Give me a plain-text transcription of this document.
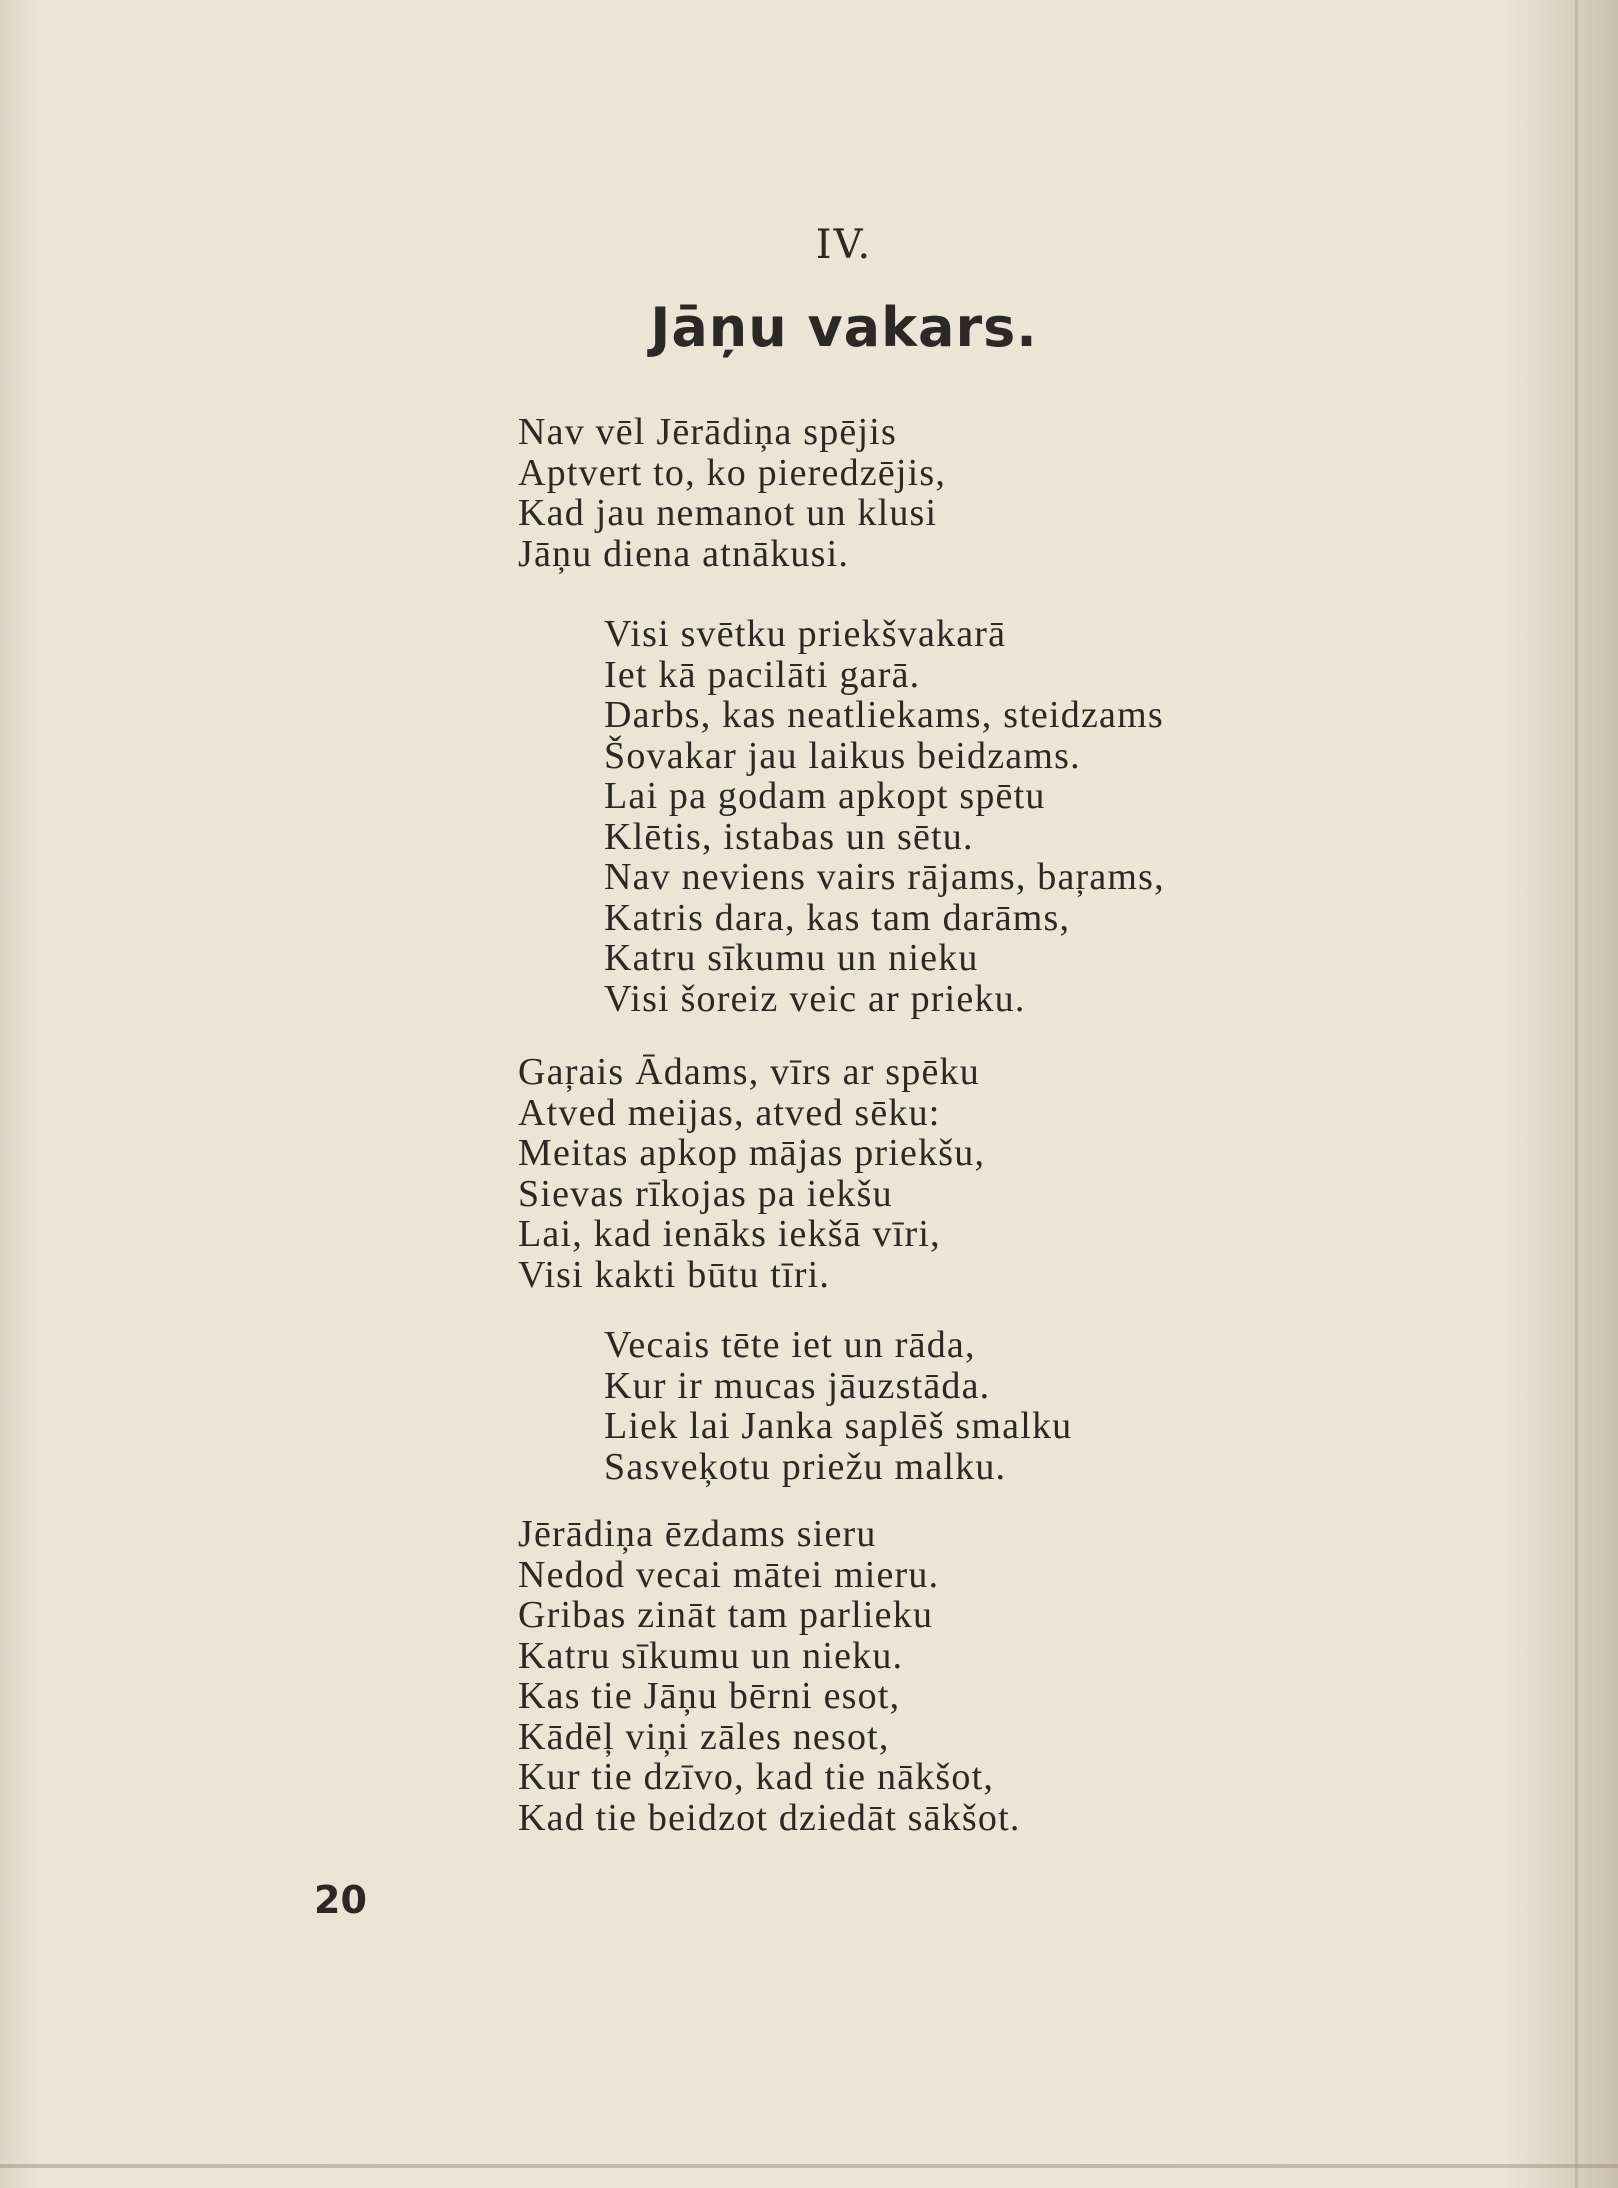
IV.
Jāņu vakars.
Nav vēl Jērādiņa spējis
Aptvert to, ko pieredzējis,
Kad jau nemanot un klusi
Jāņu diena atnākusi.
Visi svētku priekšvakarā
Iet kā pacilāti garā.
Darbs, kas neatliekams, steidzams
Šovakar jau laikus beidzams.
Lai pa godam apkopt spētu
Klētis, istabas un sētu.
Nav neviens vairs rājams, baŗams,
Katris dara, kas tam darāms,
Katru sīkumu un nieku
Visi šoreiz veic ar prieku.
Gaŗais Ādams, vīrs ar spēku
Atved meijas, atved sēku:
Meitas apkop mājas priekšu,
Sievas rīkojas pa iekšu
Lai, kad ienāks iekšā vīri,
Visi kakti būtu tīri.
Vecais tēte iet un rāda,
Kur ir mucas jāuzstāda.
Liek lai Janka saplēš smalku
Sasveķotu priežu malku.
Jērādiņa ēzdams sieru
Nedod vecai mātei mieru.
Gribas zināt tam parlieku
Katru sīkumu un nieku.
Kas tie Jāņu bērni esot,
Kādēļ viņi zāles nesot,
Kur tie dzīvo, kad tie nākšot,
Kad tie beidzot dziedāt sākšot.
20
